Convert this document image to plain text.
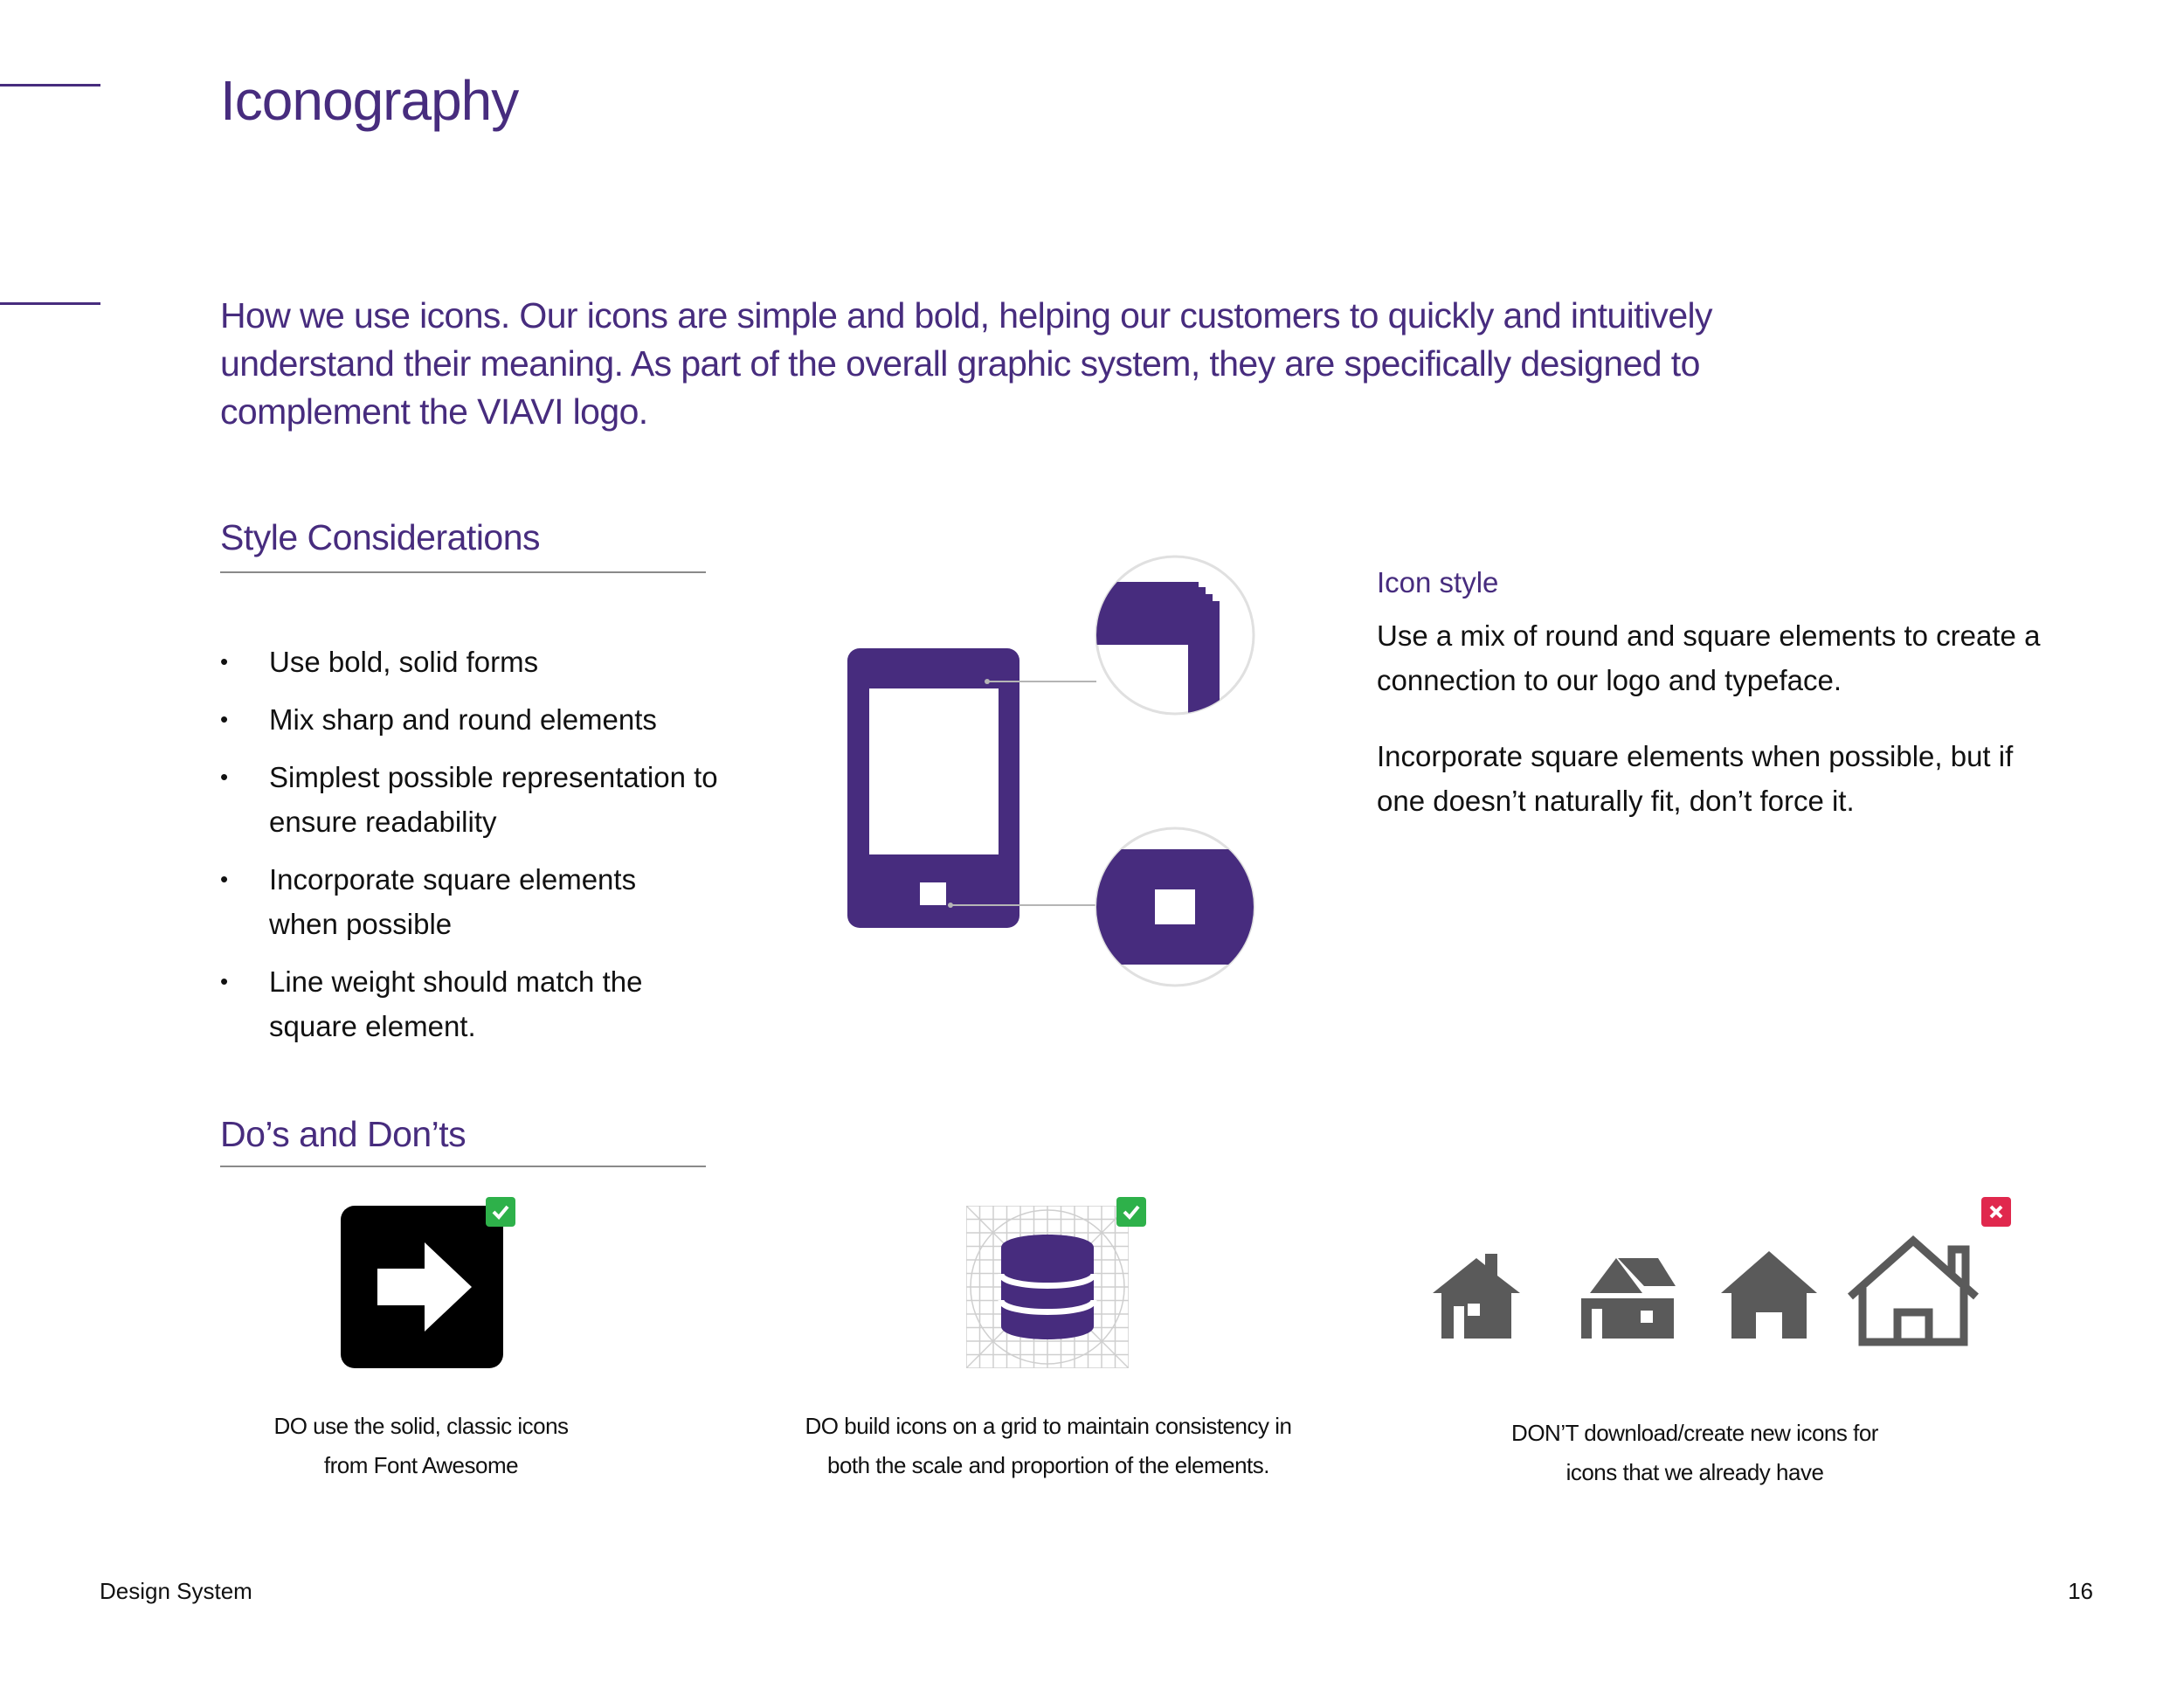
Iconography

How we use icons. Our icons are simple and bold, helping our customers to quickly and intuitively understand their meaning. As part of the overall graphic system, they are specifically designed to complement the VIAVI logo.

Style Considerations
• Use bold, solid forms
• Mix sharp and round elements
• Simplest possible representation to ensure readability
• Incorporate square elements when possible
• Line weight should match the square element.
Icon style

Use a mix of round and square elements to create a connection to our logo and typeface.

Incorporate square elements when possible, but if one doesn’t naturally fit, don’t force it.

Do’s and Don’ts

DO use the solid, classic icons

from Font Awesome

DO build icons on a grid to maintain consistency in

both the scale and proportion of the elements.

DON’T download/create new icons for

icons that we already have

Design System	16
